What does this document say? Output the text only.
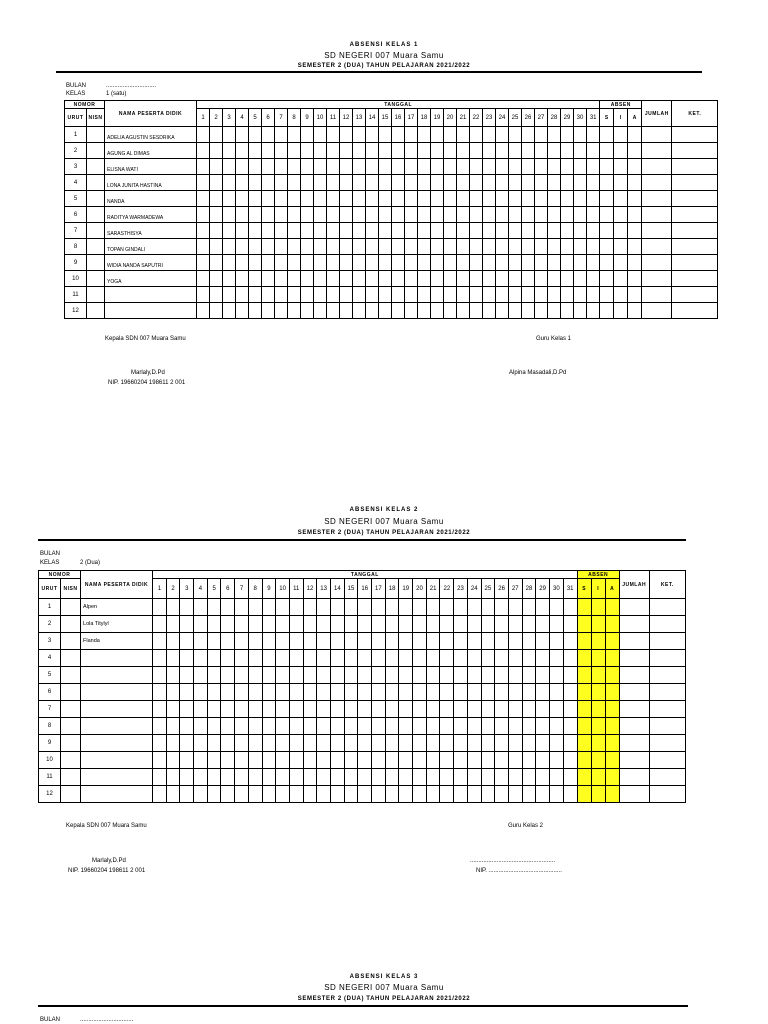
ABSENSI KELAS 1
SD NEGERI 007 Muara Samu
SEMESTER 2 (DUA) TAHUN PELAJARAN 2021/2022
BULAN	..............................
KELAS	1 (satu)
NOMOR		NAMA PESERTA DIDIK	TANGGAL																															ABSEN			JUMLAH	KET.
URUT	NISN		1	2	3	4	5	6	7	8	9	10	11	12	13	14	15	16	17	18	19	20	21	22	23	24	25	26	27	28	29	30	31	S	I	A		
1		ADELIA AGUSTIN SESDRIKA																																				
2		AGUNG AL DIMAS																																				
3		ELISNA WATI																																				
4		LONA JUNITA HASTINA																																				
5		NANDA																																				
6		RADITYA WARMADEWA																																				
7		SARASTHISYA																																				
8		TOPAN GINDALI																																				
9		WIDIA NANDA SAPUTRI																																				
10		YOGA																																				
11																																						
12																																						
Kepala SDN 007 Muara Samu
Marlaly,D.Pd
NIP. 19660204 198611 2 001
Guru Kelas 1
Alpina Masadali,D.Pd
ABSENSI KELAS 2
SD NEGERI 007 Muara Samu
SEMESTER 2 (DUA) TAHUN PELAJARAN 2021/2022
BULAN
KELAS	2 (Dua)
NOMOR		NAMA PESERTA DIDIK	TANGGAL																															ABSEN			JUMLAH	KET.
URUT	NISN		1	2	3	4	5	6	7	8	9	10	11	12	13	14	15	16	17	18	19	20	21	22	23	24	25	26	27	28	29	30	31	S	I	A		
1		Alpen																																				
2		Lola Titylyl																																				
3		Flanda																																				
4																																						
5																																						
6																																						
7																																						
8																																						
9																																						
10																																						
11																																						
12																																						
Kepala SDN 007 Muara Samu
Marlaly,D.Pd
NIP. 19660204 198611 2 001
Guru Kelas 2
...................................................
NIP. ............................................
ABSENSI KELAS 3
SD NEGERI 007 Muara Samu
SEMESTER 2 (DUA) TAHUN PELAJARAN 2021/2022
BULAN	................................
